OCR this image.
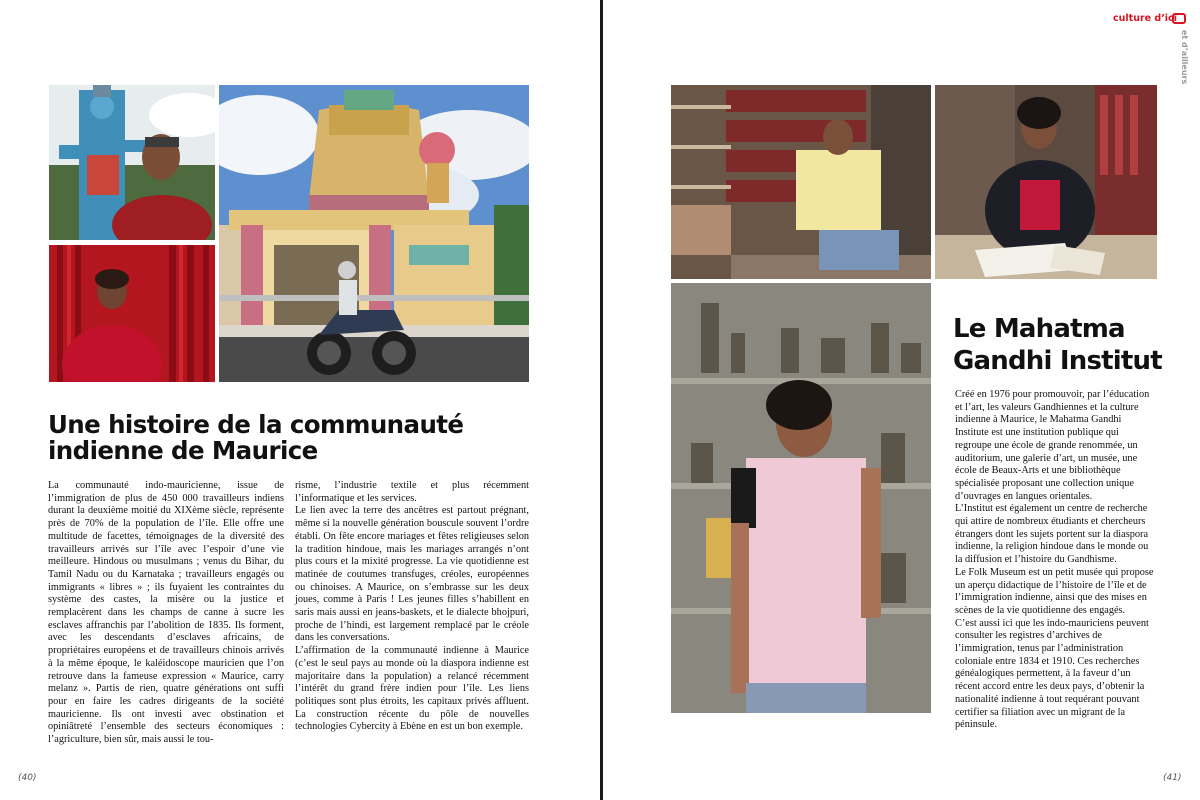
Une histoire de la communauté
indienne de Maurice

La communauté indo-mauricienne, issue de l’immigration de plus de 450 000 travailleurs indiens durant la deuxième moitié du XIXème siècle, représente près de 70% de la population de l’île. Elle offre une multitude de facettes, témoignages de la diversité des travailleurs arrivés sur l’île avec l’espoir d’une vie meilleure. Hindous ou musulmans ; venus du Bihar, du Tamil Nadu ou du Karnataka ; travailleurs engagés ou immigrants « libres » ; ils fuyaient les contraintes du système des castes, la misère ou la justice et remplacèrent dans les champs de canne à sucre les esclaves affranchis par l’abolition de 1835. Ils forment, avec les descendants d’esclaves africains, de propriétaires européens et de travailleurs chinois arrivés à la même époque, le kaléidoscope mauricien que l’on retrouve dans la fameuse expression « Maurice, carry melanz ». Partis de rien, quatre générations ont suffi pour en faire les cadres dirigeants de la société mauricienne. Ils ont investi avec obstination et opiniâtreté l’ensemble des secteurs économiques : l’agriculture, bien sûr, mais aussi le tou-

risme, l’industrie textile et plus récemment l’informatique et les services.

Le lien avec la terre des ancêtres est partout prégnant, même si la nouvelle génération bouscule souvent l’ordre établi. On fête encore mariages et fêtes religieuses selon la tradition hindoue, mais les mariages arrangés n’ont plus cours et la mixité progresse. La vie quotidienne est matinée de coutumes transfuges, créoles, européennes ou chinoises. A Maurice, on s’embrasse sur les deux joues, comme à Paris ! Les jeunes filles s’habillent en saris mais aussi en jeans-baskets, et le dialecte bhojpuri, proche de l’hindi, est largement remplacé par le créole dans les conversations.

L’affirmation de la communauté indienne à Maurice (c’est le seul pays au monde où la diaspora indienne est majoritaire dans la population) a relancé récemment l’intérêt du grand frère indien pour l’île. Les liens politiques sont plus étroits, les capitaux privés affluent. La construction récente du pôle de nouvelles technologies Cybercity à Ebène en est un bon exemple.

(40)
culture d’ici
et d’ailleurs
Le Mahatma
Gandhi Institut

Créé en 1976 pour promouvoir, par l’éducation et l’art, les valeurs Gandhiennes et la culture indienne à Maurice, le Mahatma Gandhi Institute est une institution publique qui regroupe une école de grande renommée, un auditorium, une galerie d’art, un musée, une école de Beaux-Arts et une bibliothèque spécialisée proposant une collection unique d’ouvrages en langues orientales.

L’Institut est également un centre de recherche qui attire de nombreux étudiants et chercheurs étrangers dont les sujets portent sur la diaspora indienne, la religion hindoue dans le monde ou la diffusion et l’histoire du Gandhisme.

Le Folk Museum est un petit musée qui propose un aperçu didactique de l’histoire de l’île et de l’immigration indienne, ainsi que des mises en scènes de la vie quotidienne des engagés.

C’est aussi ici que les indo-mauriciens peuvent consulter les registres d’archives de l’immigration, tenus par l’administration coloniale entre 1834 et 1910. Ces recherches généalogiques permettent, à la faveur d’un récent accord entre les deux pays, d’obtenir la nationalité indienne à tout requérant pouvant certifier sa filiation avec un migrant de la péninsule.

(41)
